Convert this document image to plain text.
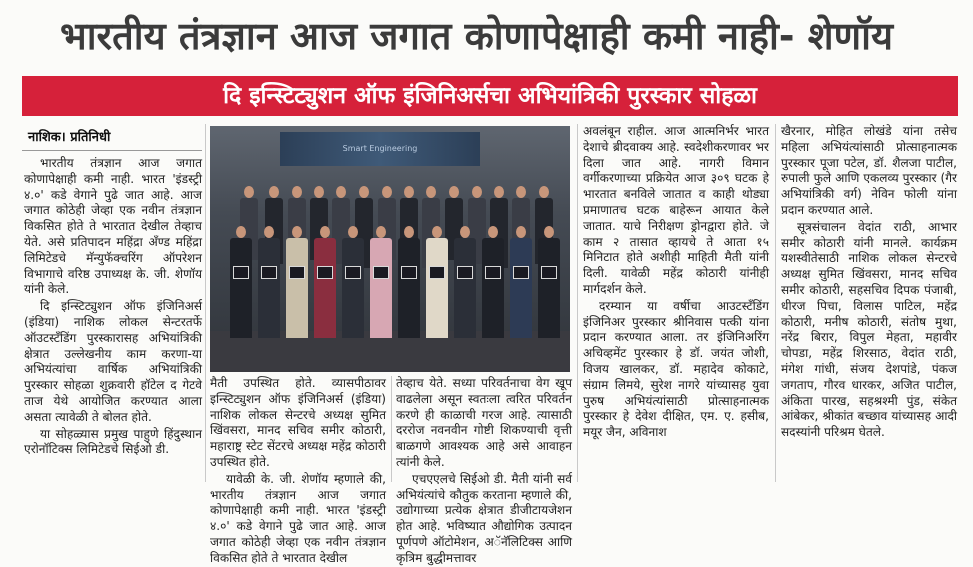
भारतीय तंत्रज्ञान आज जगात कोणापेक्षाही कमी नाही- शेणॉय
दि इन्स्टिट्युशन ऑफ इंजिनिअर्सचा अभियांत्रिकी पुरस्कार सोहळा
नाशिक। प्रतिनिधी

भारतीय तंत्रज्ञान आज जगात कोणापेक्षाही कमी नाही. भारत 'इंडस्ट्री ४.०' कडे वेगाने पुढे जात आहे. आज जगात कोठेही जेव्हा एक नवीन तंत्रज्ञान विकसित होते ते भारतात देखील तेव्हाच येते. असे प्रतिपादन महिंद्रा अँण्ड महिंद्रा लिमिटेडचे मॅन्युफॅक्चरिंग ऑपरेशन विभागाचे वरिष्ठ उपाध्यक्ष के. जी. शेणॉय यांनी केले.

दि इन्स्टिट्युशन ऑफ इंजिनिअर्स (इंडिया) नाशिक लोकल सेन्टरतर्फे ऑउटस्टँडिंग पुरस्कारासह अभियांत्रिकी क्षेत्रात उल्लेखनीय काम करणा-या अभियंत्यांचा वार्षिक अभियांत्रिकी पुरस्कार सोहळा शुक्रवारी हॉटेल द गेटवे ताज येथे आयोजित करण्यात आला असता त्यावेळी ते बोलत होते.

या सोहळ्यास प्रमुख पाहुणे हिंदुस्थान एरोनॉटिक्स लिमिटेडचे सिईओ डी.

Smart Engineering

मैती उपस्थित होते. व्यासपीठावर इन्स्टिट्युशन ऑफ इंजिनिअर्स (इंडिया) नाशिक लोकल सेन्टरचे अध्यक्ष सुमित खिंवसरा, मानद सचिव समीर कोठारी, महाराष्ट्र स्टेट सेंटरचे अध्यक्ष महेंद्र कोठारी उपस्थित होते.

यावेळी के. जी. शेणॉय म्हणाले की, भारतीय तंत्रज्ञान आज जगात कोणापेक्षाही कमी नाही. भारत 'इंडस्ट्री ४.०' कडे वेगाने पुढे जात आहे. आज जगात कोठेही जेव्हा एक नवीन तंत्रज्ञान विकसित होते ते भारतात देखील

तेव्हाच येते. सध्या परिवर्तनाचा वेग खूप वाढलेला असून स्वतःला त्वरित परिवर्तन करणे ही काळाची गरज आहे. त्यासाठी दररोज नवनवीन गोष्टी शिकण्याची वृत्ती बाळगणे आवश्यक आहे असे आवाहन त्यांनी केले.

एचएएलचे सिईओ डी. मैती यांनी सर्व अभियंत्यांचे कौतुक करताना म्हणाले की, उद्योगाच्या प्रत्येक क्षेत्रात डीजीटायजेशन होत आहे. भविष्यात औद्योगिक उत्पादन पूर्णपणे ऑटोमेशन, अॅनॅलिटिक्स आणि कृत्रिम बुद्धीमत्तावर

अवलंबून राहील. आज आत्मनिर्भर भारत देशाचे ब्रीदवाक्य आहे. स्वदेशीकरणावर भर दिला जात आहे. नागरी विमान वर्गीकरणाच्या प्रक्रियेत आज ३०९ घटक हे भारतात बनविले जातात व काही थोड्या प्रमाणातच घटक बाहेरून आयात केले जातात. याचे निरीक्षण ड्रोनद्वारा होते. जे काम २ तासात व्हायचे ते आता १५ मिनिटात होते अशीही माहिती मैती यांनी दिली. यावेळी महेंद्र कोठारी यांनीही मार्गदर्शन केले.

दरम्यान या वर्षीचा आउटस्टँडिंग इंजिनिअर पुरस्कार श्रीनिवास पत्की यांना प्रदान करण्यात आला. तर इंजिनिअरिंग अचिव्हमेंट पुरस्कार हे डॉ. जयंत जोशी, विजय खालकर, डॉ. महादेव कोकाटे, संग्राम लिमये, सुरेश नागरे यांच्यासह युवा पुरुष अभियंत्यांसाठी प्रोत्साहनात्मक पुरस्कार हे देवेश दीक्षित, एम. ए. हसीब, मयूर जैन, अविनाश

खैरनार, मोहित लोखंडे यांना तसेच महिला अभियंत्यांसाठी प्रोत्साहनात्मक पुरस्कार पूजा पटेल, डॉ. शैलजा पाटील, रुपाली फुले आणि एकलव्य पुरस्कार (गैर अभियांत्रिकी वर्ग) नेविन फोली यांना प्रदान करण्यात आले.

सूत्रसंचालन वेदांत राठी, आभार समीर कोठारी यांनी मानले. कार्यक्रम यशस्वीतेसाठी नाशिक लोकल सेन्टरचे अध्यक्ष सुमित खिंवसरा, मानद सचिव समीर कोठारी, सहसचिव दिपक पंजाबी, धीरज पिचा, विलास पाटिल, महेंद्र कोठारी, मनीष कोठारी, संतोष मुथा, नरेंद्र बिरार, विपुल मेहता, महावीर चोपडा, महेंद्र शिरसाठ, वेदांत राठी, मंगेश गांधी, संजय देशपांडे, पंकज जगताप, गौरव धारकर, अजित पाटील, अंकिता पारख, सहश्रश्मी पुंड, संकेत आंबेकर, श्रीकांत बच्छाव यांच्यासह आदी सदस्यांनी परिश्रम घेतले.
